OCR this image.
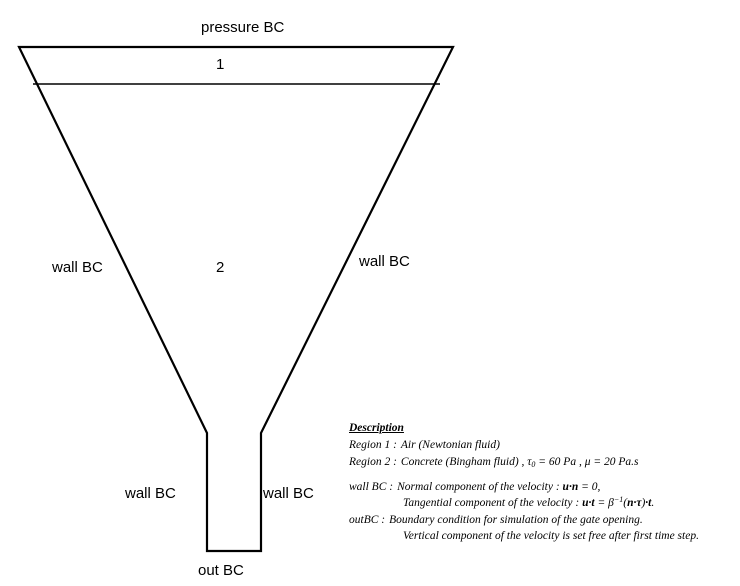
pressure BC
1
2
wall BC	wall BC
wall BC	wall BC
out BC
Description
Region 1 : Air (Newtonian fluid)
Region 2 : Concrete (Bingham fluid) , $\tau_0 = 60$ Pa , μ = 20 Pa.s
wall BC : Normal component of the velocity : u·n = 0,
Tangential component of the velocity : $u\cdot t = \beta^{-1}(n\cdot\tau)\cdot t$.
outBC : Boundary condition for simulation of the gate opening.
Vertical component of the velocity is set free after first time step.
